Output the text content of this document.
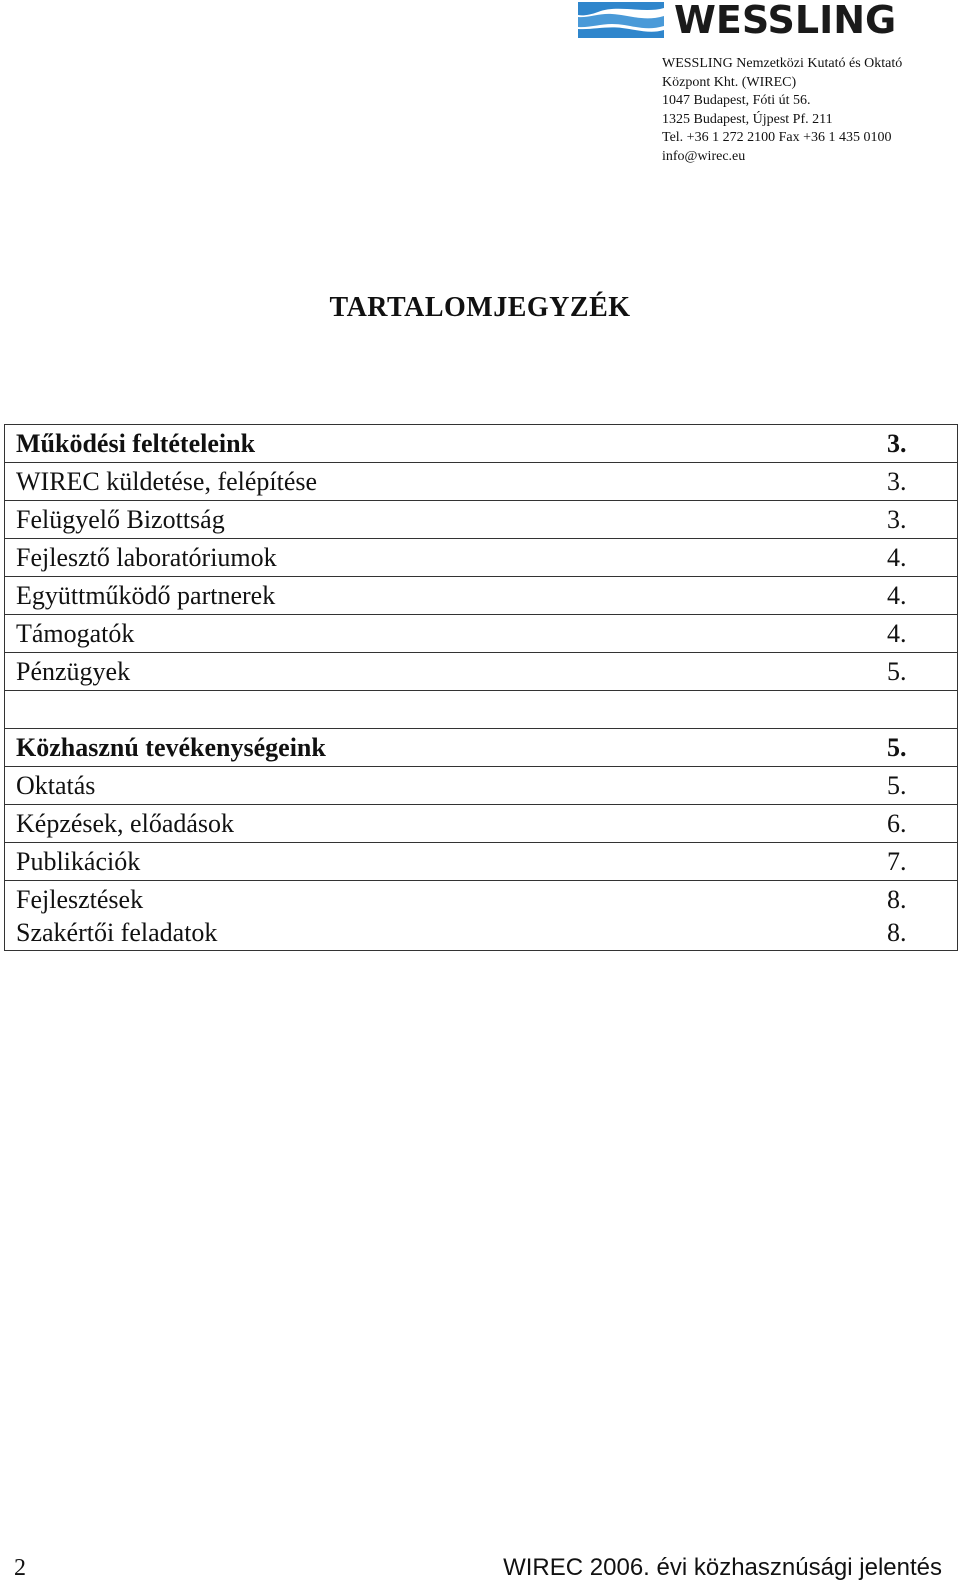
WESSLING
WESSLING Nemzetközi Kutató és Oktató
Központ Kht. (WIREC)
1047 Budapest, Fóti út 56.
1325 Budapest, Újpest Pf. 211
Tel. +36 1 272 2100 Fax +36 1 435 0100
info@wirec.eu
TARTALOMJEGYZÉK
Működési feltételeink	3.
WIREC küldetése, felépítése	3.
Felügyelő Bizottság	3.
Fejlesztő laboratóriumok	4.
Együttműködő partnerek	4.
Támogatók	4.
Pénzügyek	5.
Közhasznú tevékenységeink	5.
Oktatás	5.
Képzések, előadások	6.
Publikációk	7.
Fejlesztések	8.
Szakértői feladatok	8.
2	WIREC 2006. évi közhasznúsági jelentés
